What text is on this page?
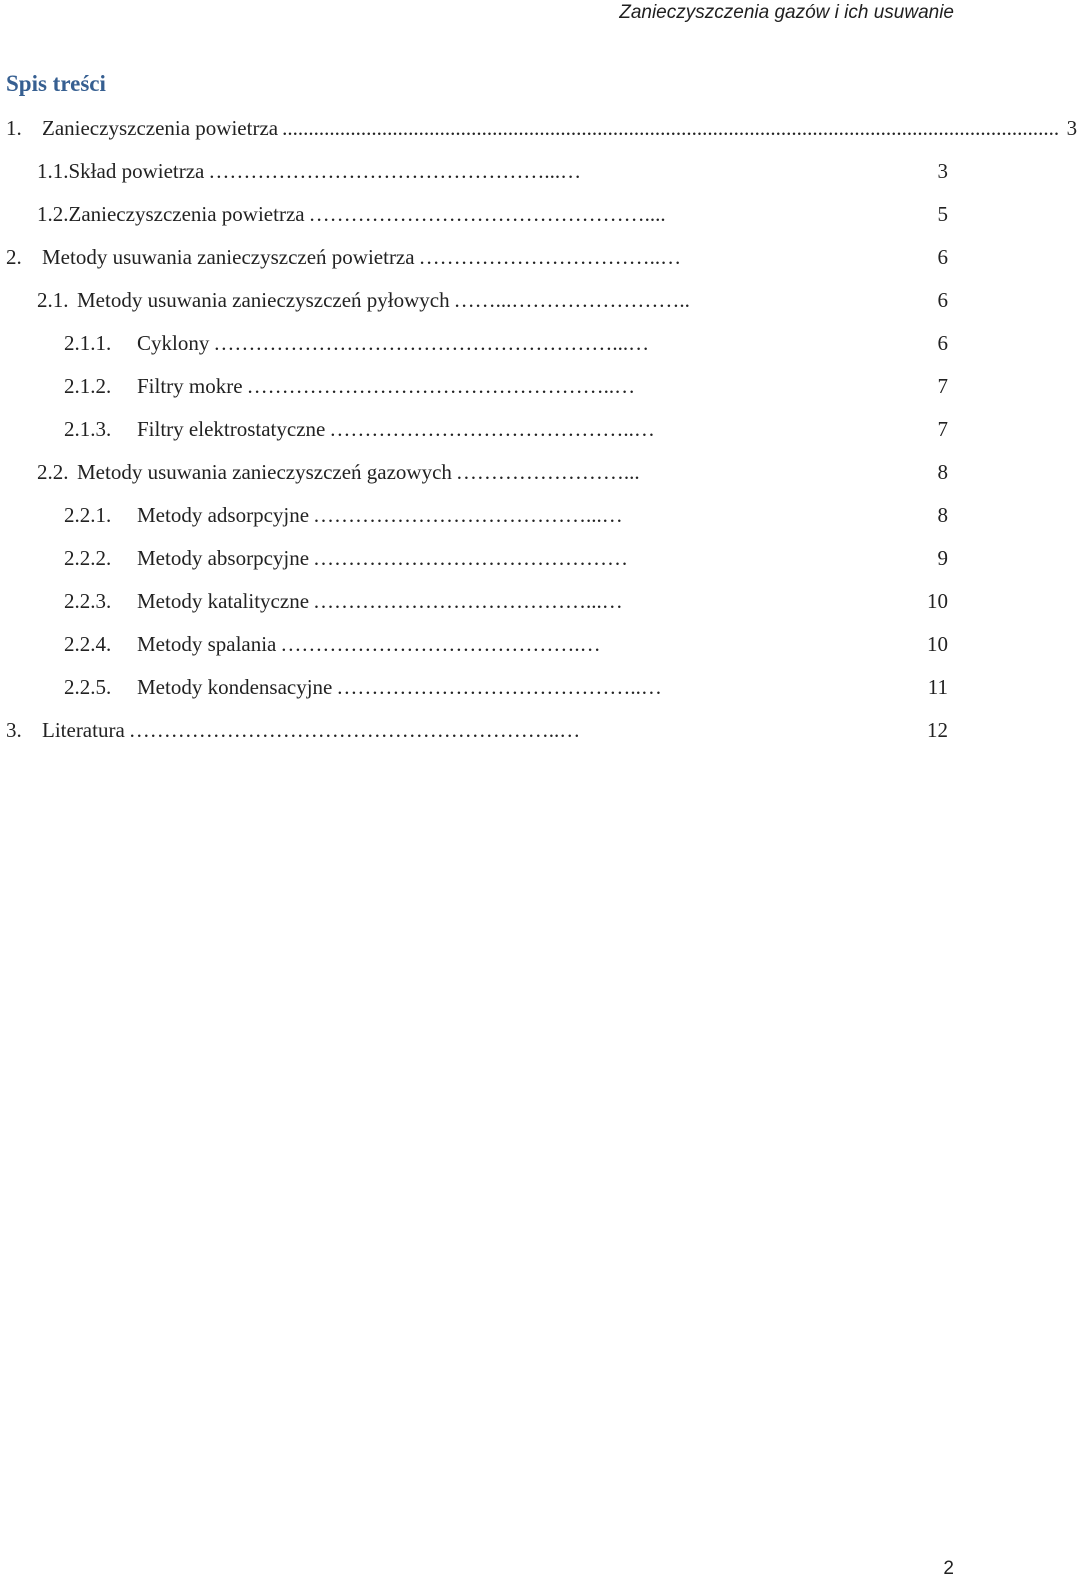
Zanieczyszczenia gazów i ich usuwanie
Spis treści
1. Zanieczyszczenia powietrza .................................................................................................................................................... 3
1.1. Skład powietrza …………………………………………...…	3
1.2. Zanieczyszczenia powietrza …………………………………………....	5
2. Metody usuwania zanieczyszczeń powietrza ……………………………..…	6
2.1. Metody usuwania zanieczyszczeń pyłowych ……...……………………..	6
2.1.1.	Cyklony …………………………………………………...…	6
2.1.2.	Filtry mokre ……………………………………………..…	7
2.1.3.	Filtry elektrostatyczne ……………………………………..…	7
2.2. Metody usuwania zanieczyszczeń gazowych ……………………...	8
2.2.1.	Metody adsorpcyjne …………………………………...…	8
2.2.2.	Metody absorpcyjne ………………………………………	9
2.2.3.	Metody katalityczne …………………………………...…	10
2.2.4.	Metody spalania …………………………………….…	10
2.2.5.	Metody kondensacyjne ……………………………………..…	11
3. Literatura ……………………………………………………..…	12
2
